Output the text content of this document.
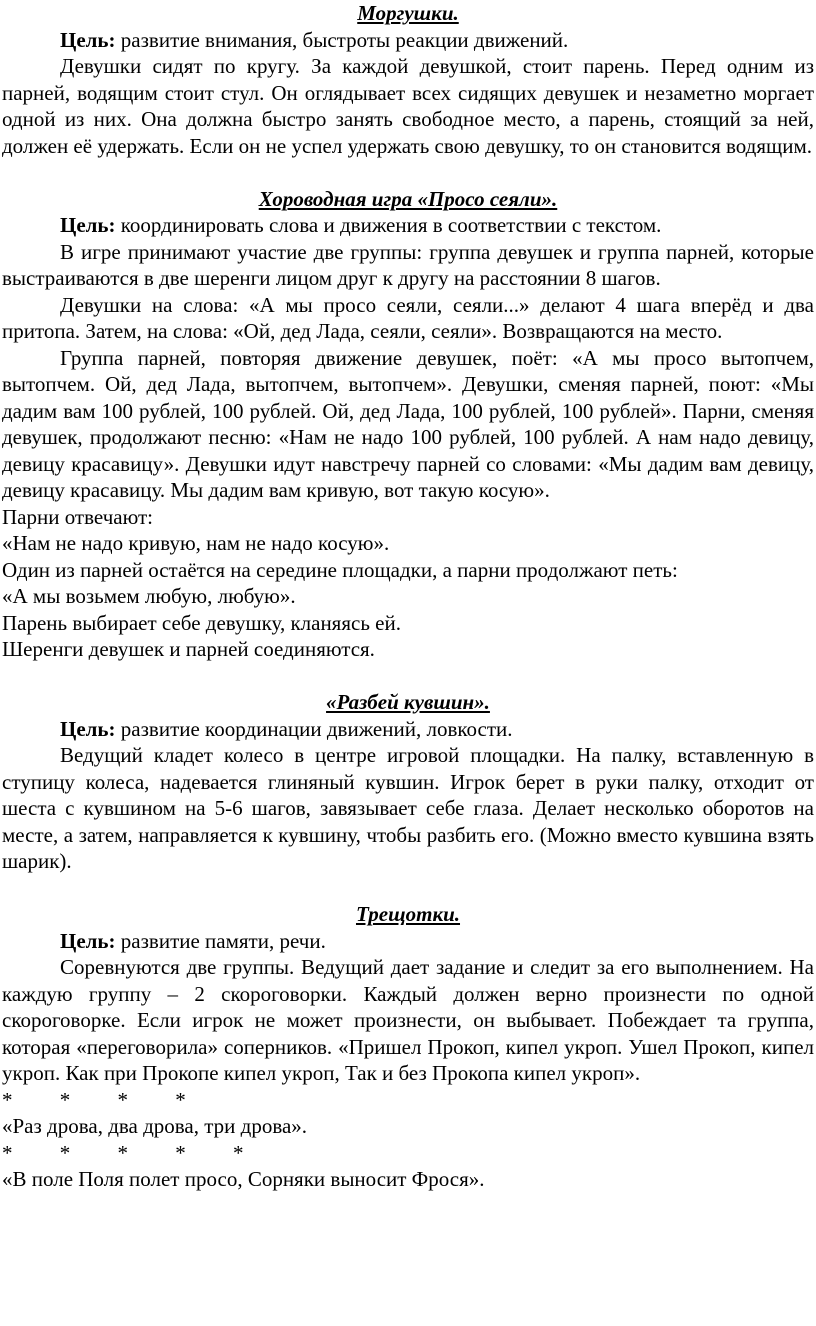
Моргушки.

Цель: развитие внимания, быстроты реакции движений.

Девушки сидят по кругу. За каждой девушкой, стоит парень. Перед одним из парней, водящим стоит стул. Он оглядывает всех сидящих девушек и незаметно моргает одной из них. Она должна быстро занять свободное место, а парень, стоящий за ней, должен её удержать. Если он не успел удержать свою девушку, то он становится водящим.

Хороводная игра «Просо сеяли».

Цель: координировать слова и движения в соответствии с текстом.

В игре принимают участие две группы: группа девушек и группа парней, которые выстраиваются в две шеренги лицом друг к другу на расстоянии 8 шагов.

Девушки на слова: «А мы просо сеяли, сеяли...» делают 4 шага вперёд и два притопа. Затем, на слова: «Ой, дед Лада, сеяли, сеяли». Возвращаются на место.

Группа парней, повторяя движение девушек, поёт: «А мы просо вытопчем, вытопчем. Ой, дед Лада, вытопчем, вытопчем». Девушки, сменяя парней, поют: «Мы дадим вам 100 рублей, 100 рублей. Ой, дед Лада, 100 рублей, 100 рублей». Парни, сменяя девушек, продолжают песню: «Нам не надо 100 рублей, 100 рублей. А нам надо девицу, девицу красавицу». Девушки идут навстречу парней со словами: «Мы дадим вам девицу, девицу красавицу. Мы дадим вам кривую, вот такую косую».

Парни отвечают:

«Нам не надо кривую, нам не надо косую».

Один из парней остаётся на середине площадки, а парни продолжают петь:

«А мы возьмем любую, любую».

Парень выбирает себе девушку, кланяясь ей.

Шеренги девушек и парней соединяются.

«Разбей кувшин».

Цель: развитие координации движений, ловкости.

Ведущий кладет колесо в центре игровой площадки. На палку, вставленную в ступицу колеса, надевается глиняный кувшин. Игрок берет в руки палку, отходит от шеста с кувшином на 5-6 шагов, завязывает себе глаза. Делает несколько оборотов на месте, а затем, направляется к кувшину, чтобы разбить его. (Можно вместо кувшина взять шарик).

Трещотки.

Цель: развитие памяти, речи.

Соревнуются две группы. Ведущий дает задание и следит за его выполнением. На каждую группу – 2 скороговорки. Каждый должен верно произнести по одной скороговорке. Если игрок не может произнести, он выбывает. Побеждает та группа, которая «переговорила» соперников. «Пришел Прокоп, кипел укроп. Ушел Прокоп, кипел укроп. Как при Прокопе кипел укроп, Так и без Прокопа кипел укроп».

*         *         *         *

«Раз дрова, два дрова, три дрова».

*         *         *         *         *

«В поле Поля полет просо, Сорняки выносит Фрося».
